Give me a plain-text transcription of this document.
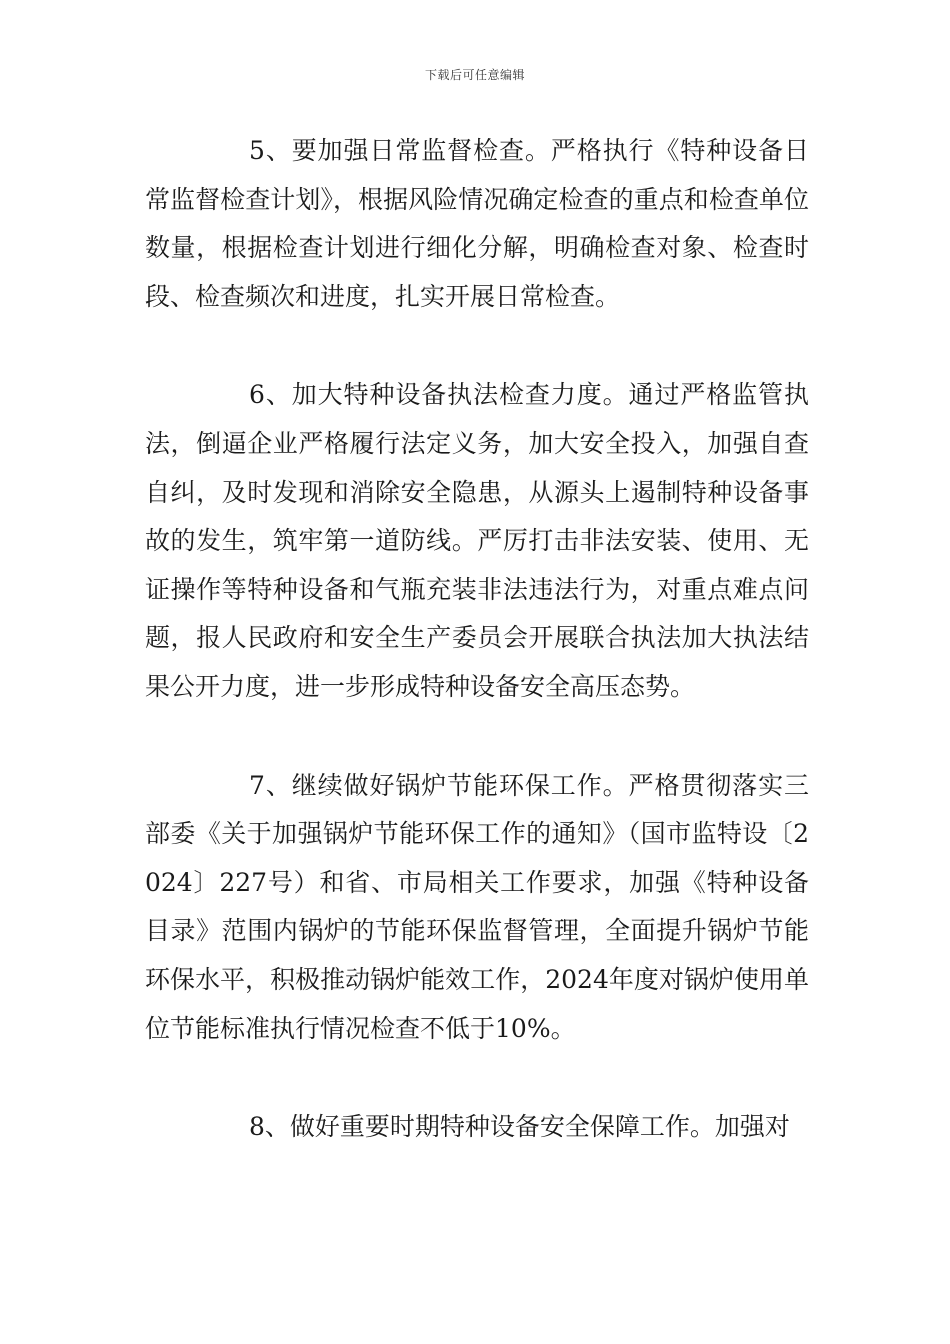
下载后可任意编辑

5、要加强日常监督检查。严格执行《特种设备日常监督检查计划》，根据风险情况确定检查的重点和检查单位数量，根据检查计划进行细化分解，明确检查对象、检查时段、检查频次和进度，扎实开展日常检查。

6、加大特种设备执法检查力度。通过严格监管执法，倒逼企业严格履行法定义务，加大安全投入，加强自查自纠，及时发现和消除安全隐患，从源头上遏制特种设备事故的发生，筑牢第一道防线。严厉打击非法安装、使用、无证操作等特种设备和气瓶充装非法违法行为，对重点难点问题，报人民政府和安全生产委员会开展联合执法加大执法结果公开力度，进一步形成特种设备安全高压态势。

7、继续做好锅炉节能环保工作。严格贯彻落实三部委《关于加强锅炉节能环保工作的通知》（国市监特设〔2024〕227号）和省、市局相关工作要求，加强《特种设备目录》范围内锅炉的节能环保监督管理，全面提升锅炉节能环保水平，积极推动锅炉能效工作，2024年度对锅炉使用单位节能标准执行情况检查不低于10%。

8、做好重要时期特种设备安全保障工作。加强对
